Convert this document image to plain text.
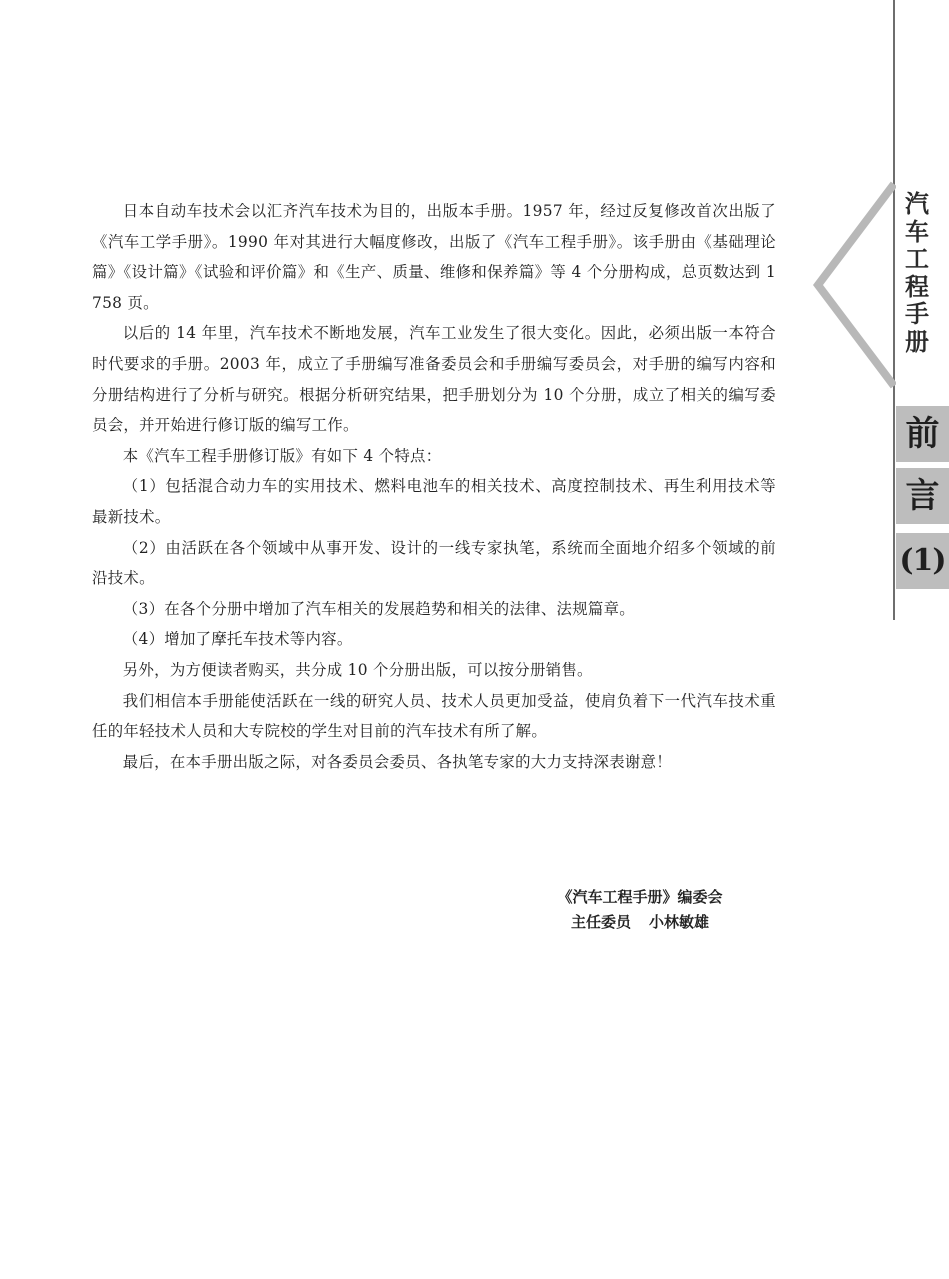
汽车工程手册
前
言
(1)

日本自动车技术会以汇齐汽车技术为目的，出版本手册。1957 年，经过反复修改首次出版了《汽车工学手册》。1990 年对其进行大幅度修改，出版了《汽车工程手册》。该手册由《基础理论篇》《设计篇》《试验和评价篇》和《生产、质量、维修和保养篇》等 4 个分册构成，总页数达到 1 758 页。

以后的 14 年里，汽车技术不断地发展，汽车工业发生了很大变化。因此，必须出版一本符合时代要求的手册。2003 年，成立了手册编写准备委员会和手册编写委员会，对手册的编写内容和分册结构进行了分析与研究。根据分析研究结果，把手册划分为 10 个分册，成立了相关的编写委员会，并开始进行修订版的编写工作。

本《汽车工程手册修订版》有如下 4 个特点：

（1）包括混合动力车的实用技术、燃料电池车的相关技术、高度控制技术、再生利用技术等最新技术。

（2）由活跃在各个领域中从事开发、设计的一线专家执笔，系统而全面地介绍多个领域的前沿技术。

（3）在各个分册中增加了汽车相关的发展趋势和相关的法律、法规篇章。

（4）增加了摩托车技术等内容。

另外，为方便读者购买，共分成 10 个分册出版，可以按分册销售。

我们相信本手册能使活跃在一线的研究人员、技术人员更加受益，使肩负着下一代汽车技术重任的年轻技术人员和大专院校的学生对目前的汽车技术有所了解。

最后，在本手册出版之际，对各委员会委员、各执笔专家的大力支持深表谢意！

《汽车工程手册》编委会
主任委员 小林敏雄
